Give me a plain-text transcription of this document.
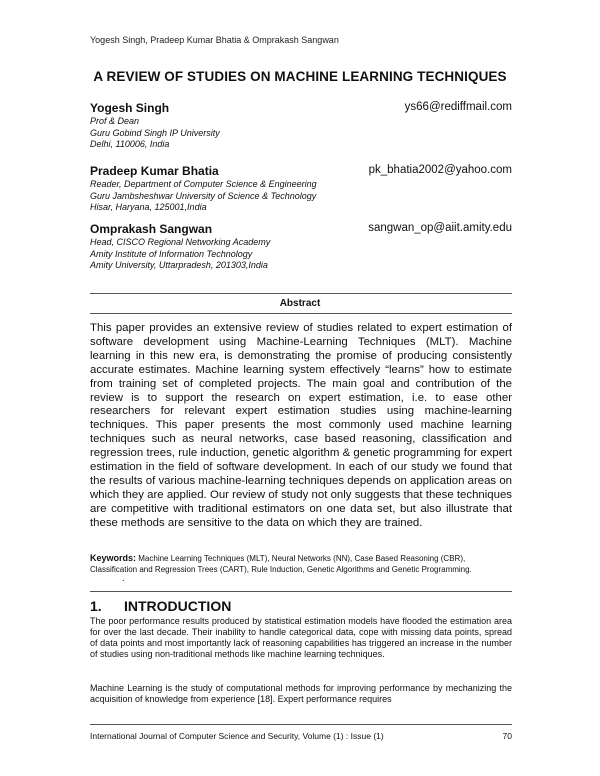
Yogesh Singh, Pradeep Kumar Bhatia & Omprakash Sangwan
A REVIEW OF STUDIES ON MACHINE LEARNING TECHNIQUES
Yogesh Singh	ys66@rediffmail.com
Prof & Dean
Guru Gobind Singh IP University
Delhi, 110006, India
Pradeep Kumar Bhatia	pk_bhatia2002@yahoo.com
Reader, Department of Computer Science & Engineering
Guru Jambsheshwar University of Science & Technology
Hisar, Haryana, 125001,India
Omprakash Sangwan	sangwan_op@aiit.amity.edu
Head, CISCO Regional Networking Academy
Amity Institute of Information Technology
Amity University, Uttarpradesh, 201303,India
Abstract

This paper provides an extensive review of studies related to expert estimation of software development using Machine-Learning Techniques (MLT). Machine learning in this new era, is demonstrating the promise of producing consistently accurate estimates. Machine learning system effectively “learns” how to estimate from training set of completed projects. The main goal and contribution of the review is to support the research on expert estimation, i.e. to ease other researchers for relevant expert estimation studies using machine-learning techniques. This paper presents the most commonly used machine learning techniques such as neural networks, case based reasoning, classification and regression trees, rule induction, genetic algorithm & genetic programming for expert estimation in the field of software development. In each of our study we found that the results of various machine-learning techniques depends on application areas on which they are applied. Our review of study not only suggests that these techniques are competitive with traditional estimators on one data set, but also illustrate that these methods are sensitive to the data on which they are trained.

Keywords: Machine Learning Techniques (MLT), Neural Networks (NN), Case Based Reasoning (CBR), Classification and Regression Trees (CART), Rule Induction, Genetic Algorithms and Genetic Programming.

.
1. INTRODUCTION

The poor performance results produced by statistical estimation models have flooded the estimation area for over the last decade. Their inability to handle categorical data, cope with missing data points, spread of data points and most importantly lack of reasoning capabilities has triggered an increase in the number of studies using non-traditional methods like machine learning techniques.

Machine Learning is the study of computational methods for improving performance by mechanizing the acquisition of knowledge from experience [18]. Expert performance requires

International Journal of Computer Science and Security, Volume (1) : Issue (1)	70
